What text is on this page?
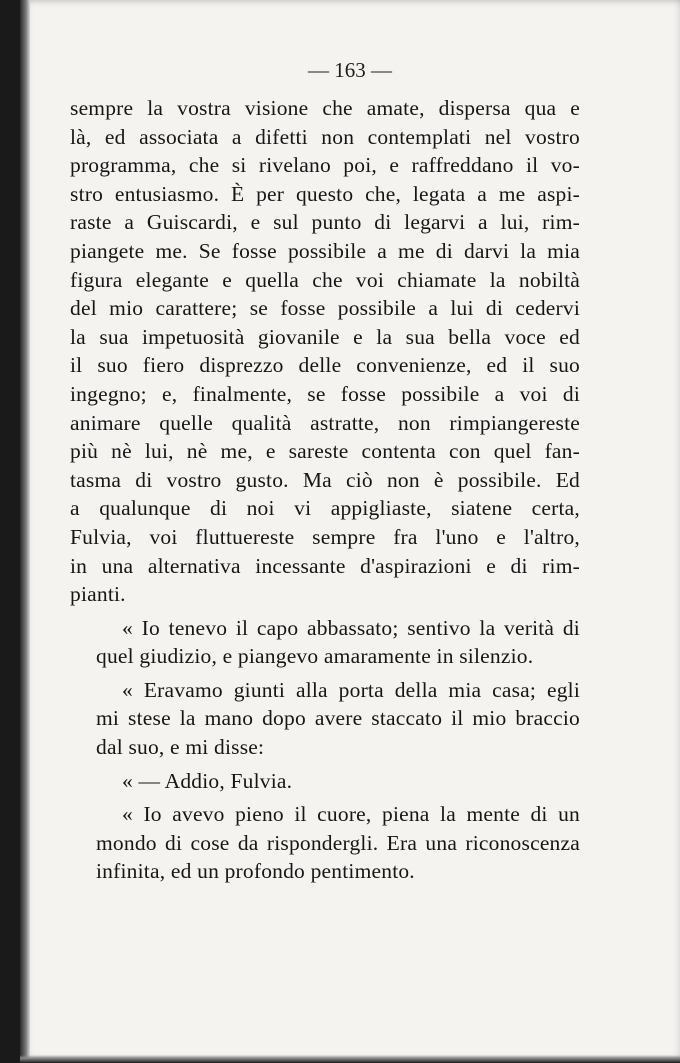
— 163 —

sempre la vostra visione che amate, dispersa qua e
là, ed associata a difetti non contemplati nel vostro
programma, che si rivelano poi, e raffreddano il vo-
stro entusiasmo. È per questo che, legata a me aspi-
raste a Guiscardi, e sul punto di legarvi a lui, rim-
piangete me. Se fosse possibile a me di darvi la mia
figura elegante e quella che voi chiamate la nobiltà
del mio carattere; se fosse possibile a lui di cedervi
la sua impetuosità giovanile e la sua bella voce ed
il suo fiero disprezzo delle convenienze, ed il suo
ingegno; e, finalmente, se fosse possibile a voi di
animare quelle qualità astratte, non rimpiangereste
più nè lui, nè me, e sareste contenta con quel fan-
tasma di vostro gusto. Ma ciò non è possibile. Ed
a qualunque di noi vi appigliaste, siatene certa,
Fulvia, voi fluttuereste sempre fra l'uno e l'altro,
in una alternativa incessante d'aspirazioni e di rim-
pianti.

« Io tenevo il capo abbassato; sentivo la verità di
quel giudizio, e piangevo amaramente in silenzio.

« Eravamo giunti alla porta della mia casa; egli
mi stese la mano dopo avere staccato il mio braccio
dal suo, e mi disse:

« — Addio, Fulvia.

« Io avevo pieno il cuore, piena la mente di un
mondo di cose da rispondergli. Era una riconoscenza
infinita, ed un profondo pentimento.
